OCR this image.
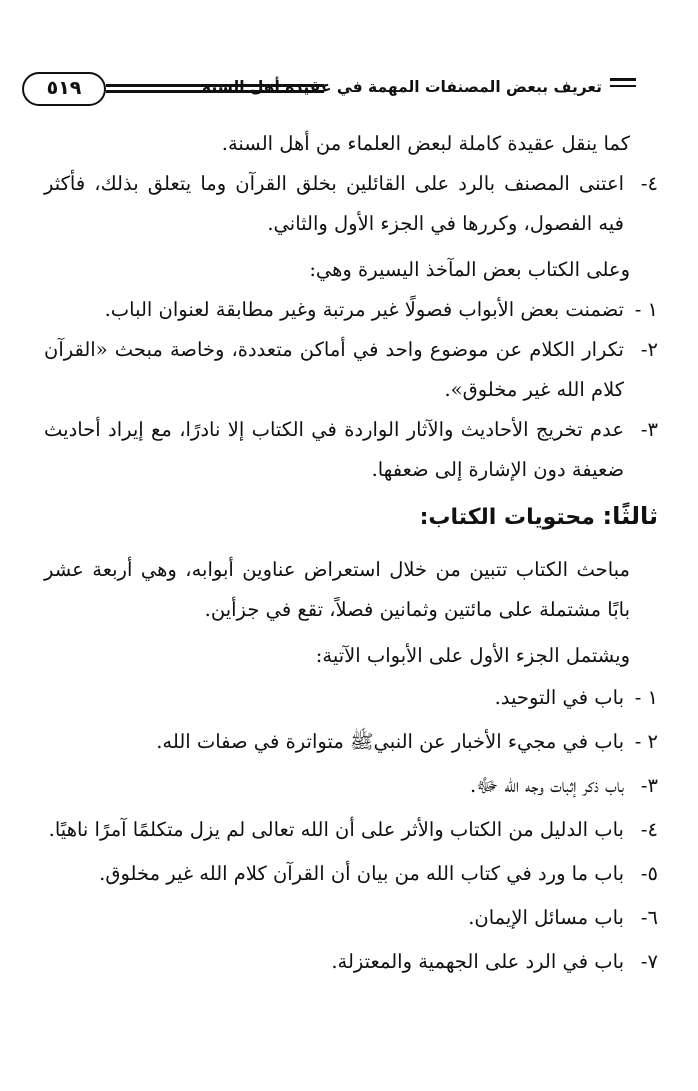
٥١٩	تعريف ببعض المصنفات المهمة في عقيدة أهل السنة

كما ينقل عقيدة كاملة لبعض العلماء من أهل السنة.

٤-

اعتنى المصنف بالرد على القائلين بخلق القرآن وما يتعلق بذلك، فأكثر فيه الفصول، وكررها في الجزء الأول والثاني.

وعلى الكتاب بعض المآخذ اليسيرة وهي:

١ -

تضمنت بعض الأبواب فصولًا غير مرتبة وغير مطابقة لعنوان الباب.

٢-

تكرار الكلام عن موضوع واحد في أماكن متعددة، وخاصة مبحث «القرآن كلام الله غير مخلوق».

٣-

عدم تخريج الأحاديث والآثار الواردة في الكتاب إلا نادرًا، مع إيراد أحاديث ضعيفة دون الإشارة إلى ضعفها.

ثالثًا: محتويات الكتاب:

مباحث الكتاب تتبين من خلال استعراض عناوين أبوابه، وهي أربعة عشر بابًا مشتملة على مائتين وثمانين فصلاً، تقع في جزأين.

ويشتمل الجزء الأول على الأبواب الآتية:

١ -
باب في التوحيد.
٢ -
باب في مجيء الأخبار عن النبيﷺ متواترة في صفات الله.
٣-
باب ذكر إثبات وجه الله ﷻ.
٤-
باب الدليل من الكتاب والأثر على أن الله تعالى لم يزل متكلمًا آمرًا ناهيًا.
٥-
باب ما ورد في كتاب الله من بيان أن القرآن كلام الله غير مخلوق.
٦-
باب مسائل الإيمان.
٧-
باب في الرد على الجهمية والمعتزلة.
